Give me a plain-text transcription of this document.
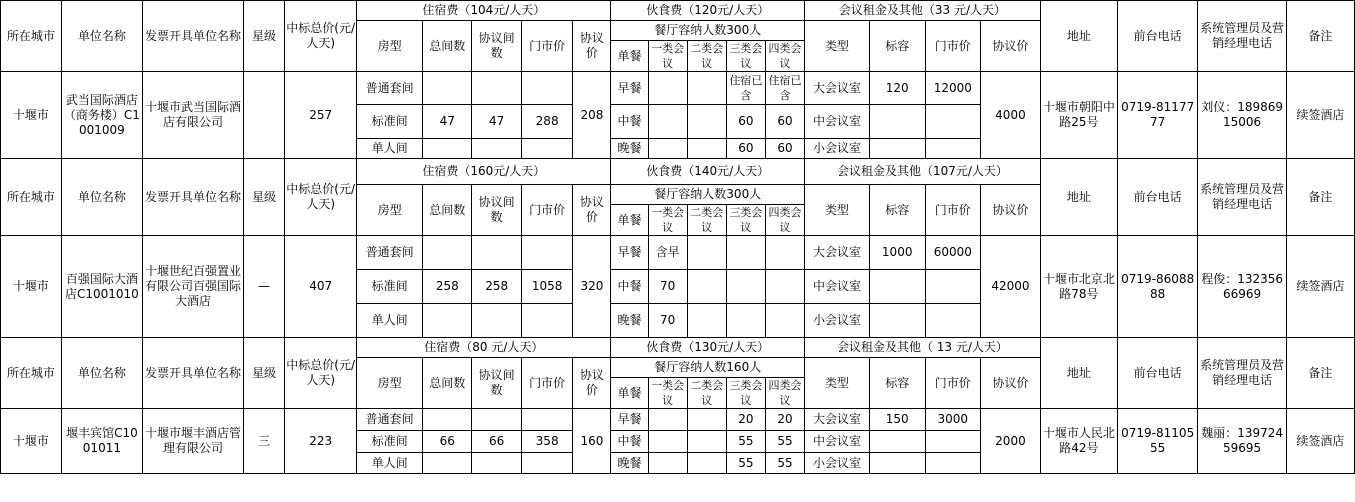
所在城市	单位名称	发票开具单位名称	星级	中标总价(元/人天)	住宿费（104元/人天）					伙食费（120元/人天）					会议租金及其他（33 元/人天）				地址	前台电话	系统管理员及营销经理电话	备注
					房型	总间数	协议间数	门市价	协议价	餐厅容纳人数300人					类型	标容	门市价	协议价				
										单餐	一类会议	二类会议	三类会议	四类会议								
十堰市	武当国际酒店（商务楼）C1001009	十堰市武当国际酒店有限公司		257	普通套间				208	早餐			住宿已含	住宿已含	大会议室	120	12000	4000	十堰市朝阳中路25号	0719-8117777	刘仪：18986915006	续签酒店
					标准间	47	47	288		中餐			60	60	中会议室							
					单人间					晚餐			60	60	小会议室							
所在城市	单位名称	发票开具单位名称	星级	中标总价(元/人天)	住宿费（160元/人天）					伙食费（140元/人天）					会议租金及其他（107元/人天）				地址	前台电话	系统管理员及营销经理电话	备注
					房型	总间数	协议间数	门市价	协议价	餐厅容纳人数300人					类型	标容	门市价	协议价				
										单餐	一类会议	二类会议	三类会议	四类会议								
十堰市	百强国际大酒店C1001010	十堰世纪百强置业有限公司百强国际大酒店	—	407	普通套间				320	早餐	含早				大会议室	1000	60000	42000	十堰市北京北路78号	0719-8608888	程俊：13235666969	续签酒店
					标准间	258	258	1058		中餐	70				中会议室							
					单人间					晚餐	70				小会议室							
所在城市	单位名称	发票开具单位名称	星级	中标总价(元/人天)	住宿费（80 元/人天）					伙食费（130元/人天）					会议租金及其他（ 13 元/人天）				地址	前台电话	系统管理员及营销经理电话	备注
					房型	总间数	协议间数	门市价	协议价	餐厅容纳人数160人					类型	标容	门市价	协议价				
										单餐	一类会议	二类会议	三类会议	四类会议								
十堰市	堰丰宾馆C1001011	十堰市堰丰酒店管理有限公司	三	223	普通套间				160	早餐			20	20	大会议室	150	3000	2000	十堰市人民北路42号	0719-8110555	魏丽：13972459695	续签酒店
					标准间	66	66	358		中餐			55	55	中会议室							
					单人间					晚餐			55	55	小会议室							
